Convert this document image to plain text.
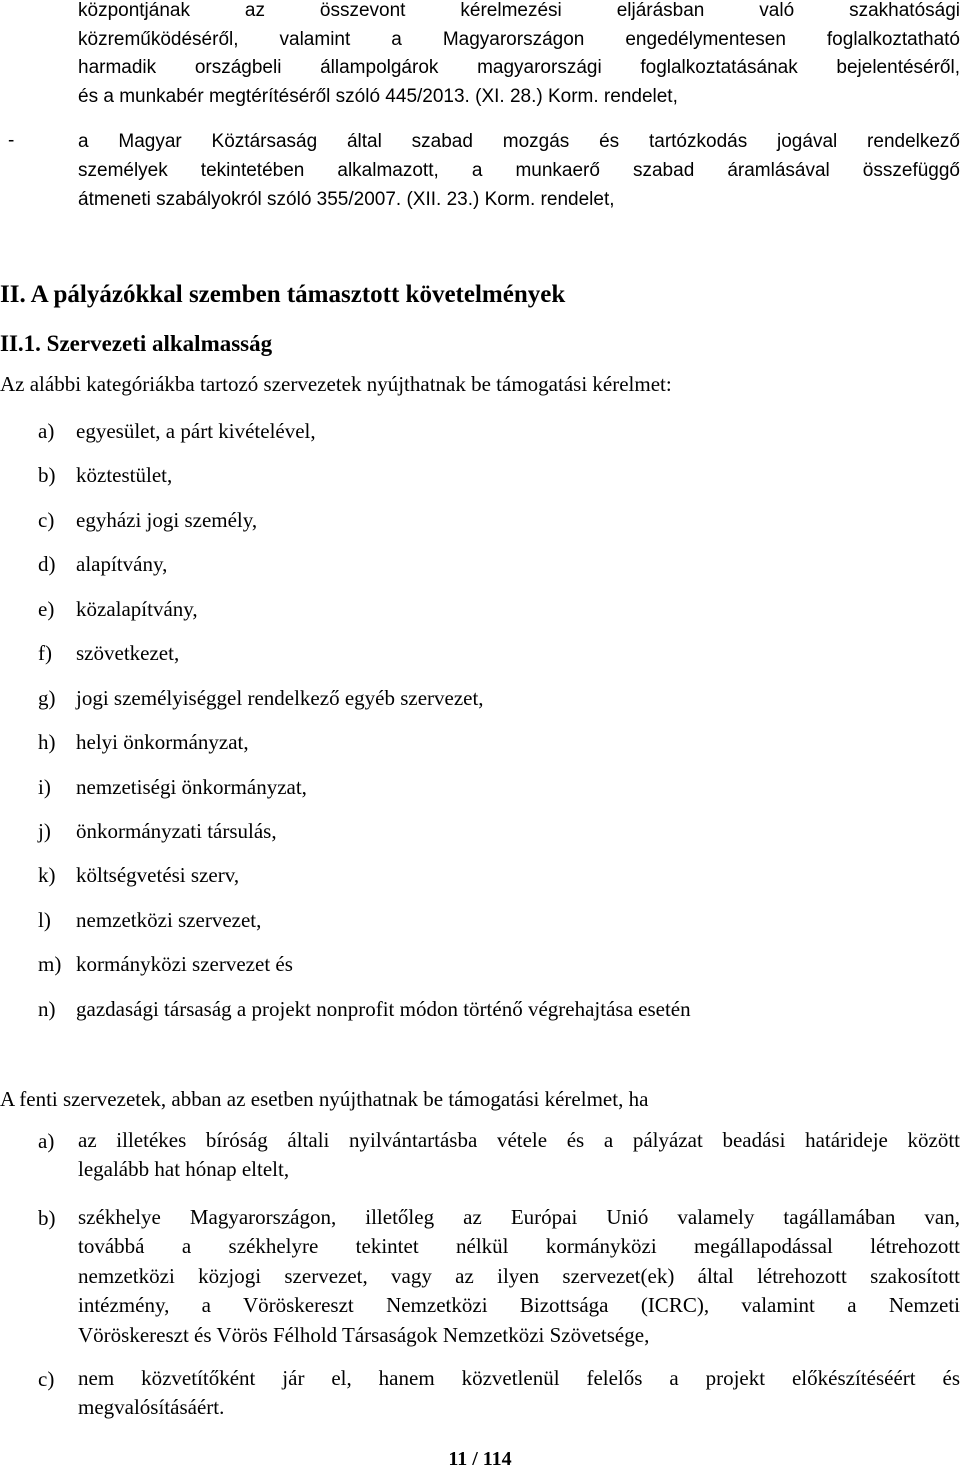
központjának az összevont kérelmezési eljárásban való szakhatósági
közreműködéséről, valamint a Magyarországon engedélymentesen foglalkoztatható
harmadik országbeli állampolgárok magyarországi foglalkoztatásának bejelentéséről,
és a munkabér megtérítéséről szóló 445/2013. (XI. 28.) Korm. rendelet,
-	a Magyar Köztársaság által szabad mozgás és tartózkodás jogával rendelkező
személyek tekintetében alkalmazott, a munkaerő szabad áramlásával összefüggő
átmeneti szabályokról szóló 355/2007. (XII. 23.) Korm. rendelet,
II. A pályázókkal szemben támasztott követelmények
II.1. Szervezeti alkalmasság

Az alábbi kategóriákba tartozó szervezetek nyújthatnak be támogatási kérelmet:

a) egyesület, a párt kivételével,
b) köztestület,
c) egyházi jogi személy,
d) alapítvány,
e) közalapítvány,
f) szövetkezet,
g) jogi személyiséggel rendelkező egyéb szervezet,
h) helyi önkormányzat,
i) nemzetiségi önkormányzat,
j) önkormányzati társulás,
k) költségvetési szerv,
l) nemzetközi szervezet,
m) kormányközi szervezet és
n) gazdasági társaság a projekt nonprofit módon történő végrehajtása esetén

A fenti szervezetek, abban az esetben nyújthatnak be támogatási kérelmet, ha

a) az illetékes bíróság általi nyilvántartásba vétele és a pályázat beadási határideje között
legalább hat hónap eltelt,
b) székhelye Magyarországon, illetőleg az Európai Unió valamely tagállamában van,
továbbá a székhelyre tekintet nélkül kormányközi megállapodással létrehozott
nemzetközi közjogi szervezet, vagy az ilyen szervezet(ek) által létrehozott szakosított
intézmény, a Vöröskereszt Nemzetközi Bizottsága (ICRC), valamint a Nemzeti
Vöröskereszt és Vörös Félhold Társaságok Nemzetközi Szövetsége,
c) nem közvetítőként jár el, hanem közvetlenül felelős a projekt előkészítéséért és
megvalósításáért.
11 / 114
